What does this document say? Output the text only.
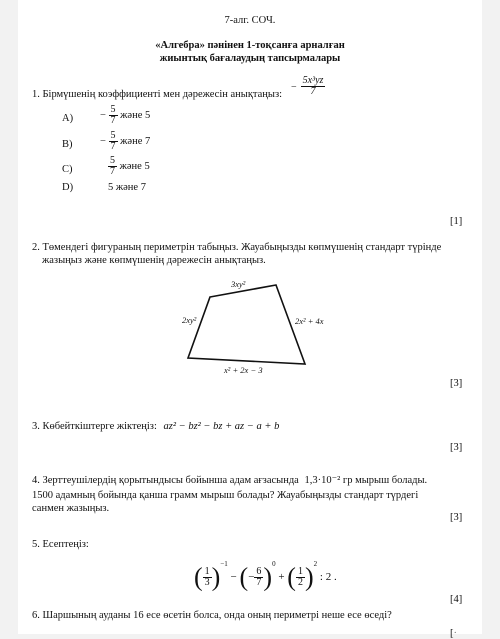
7-алг. СОЧ.
«Алгебра» пәнінен 1-тоқсанға арналған
жиынтық бағалаудың тапсырмалары
1. Бірмүшенің коэффициенті мен дәрежесін анықтаңыз:
− $\frac{\text{5x³yz}}{7}$
A)	− $\frac{5}{7}$ және 5
B)	− $\frac{5}{7}$ және 7
C)	$\frac{5}{7}$ және 5
D)	5 және 7
[1]
2. Төмендегі фигураның периметрін табыңыз. Жауабыңызды көпмүшенің стандарт түрінде
жазыңыз және көпмүшенің дәрежесін анықтаңыз.
3xy²
2xy²	2x² + 4x
x² + 2x − 3
[3]
3. Көбейткіштерге жіктеңіз: az² − bz² − bz + az − a + b
[3]
4. Зерттеушілердің қорытындысы бойынша адам ағзасында 1,3·10⁻² гр мырыш болады.
1500 адамның бойында қанша грамм мырыш болады? Жауабыңызды стандарт түрдегі
санмен жазыңыз.
[3]
5. Есептеңіз:
( $\frac{1}{3} )^{-1}$ − (− $\frac{6}{7} )^0$ + ( $\frac{1}{2} )^2$ : 2 .
[4]
6. Шаршының ауданы 16 есе өсетін болса, онда оның периметрі неше есе өседі?
[·
